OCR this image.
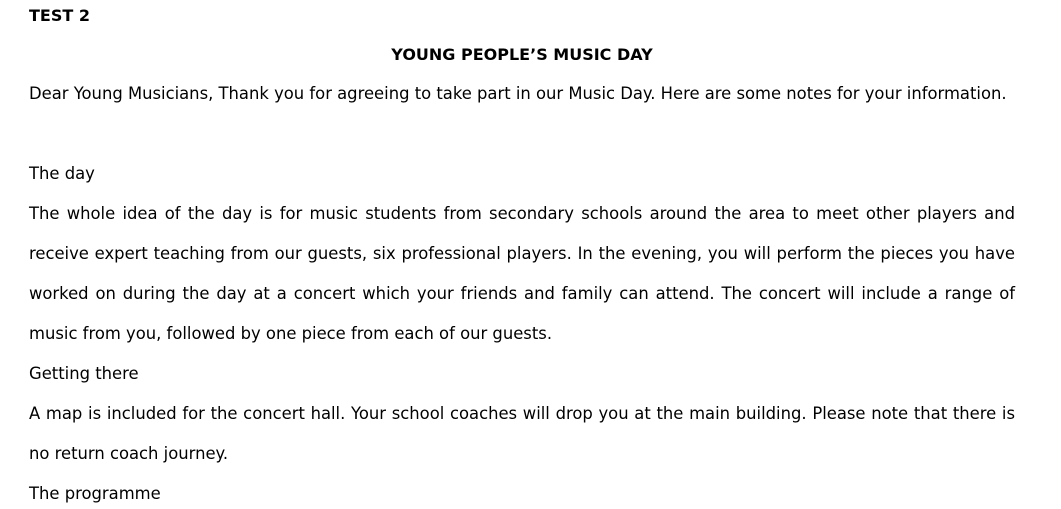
TEST 2
YOUNG PEOPLE’S MUSIC DAY
Dear Young Musicians, Thank you for agreeing to take part in our Music Day. Here are some notes for your information.
The day
The whole idea of the day is for music students from secondary schools around the area to meet other players and receive expert teaching from our guests, six professional players. In the evening, you will perform the pieces you have worked on during the day at a concert which your friends and family can attend. The concert will include a range of music from you, followed by one piece from each of our guests.
Getting there
A map is included for the concert hall. Your school coaches will drop you at the main building. Please note that there is no return coach journey.
The programme
